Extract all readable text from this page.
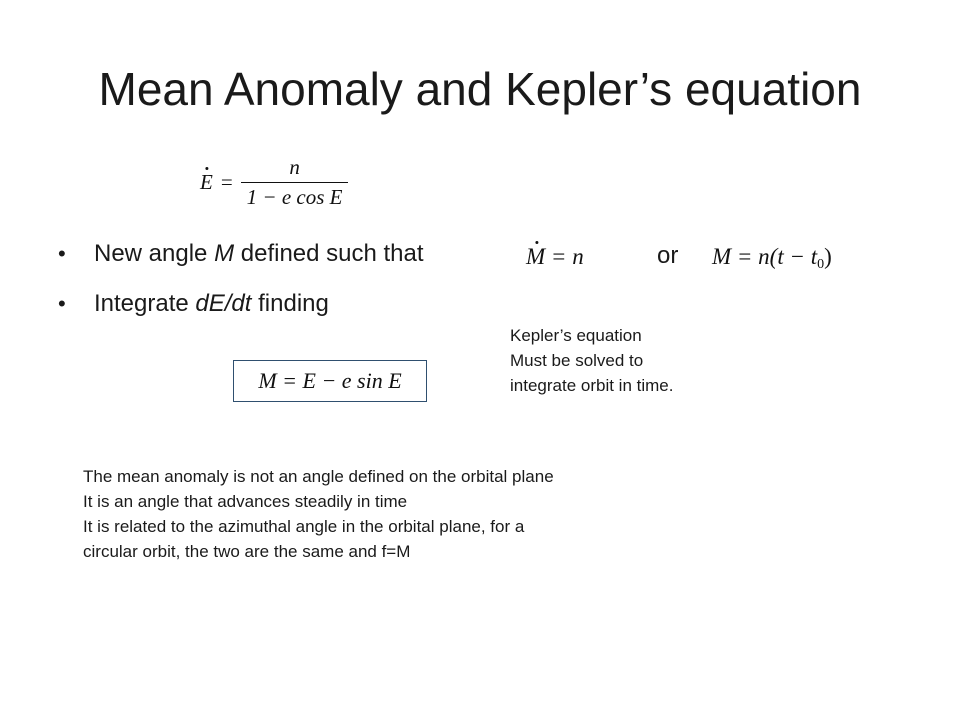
Mean Anomaly and Kepler’s equation
$E = \frac{n}{\text{1 − e cos E}}$
•	New angle M defined such that
•	Integrate dE/dt finding
M = n	or M = n(t − t0)
M = E − e sin E
Kepler’s equation
Must be solved to
integrate orbit in time.
The mean anomaly is not an angle defined on the orbital plane
It is an angle that advances steadily in time
It is related to the azimuthal angle in the orbital plane, for a
circular orbit, the two are the same and f=M
